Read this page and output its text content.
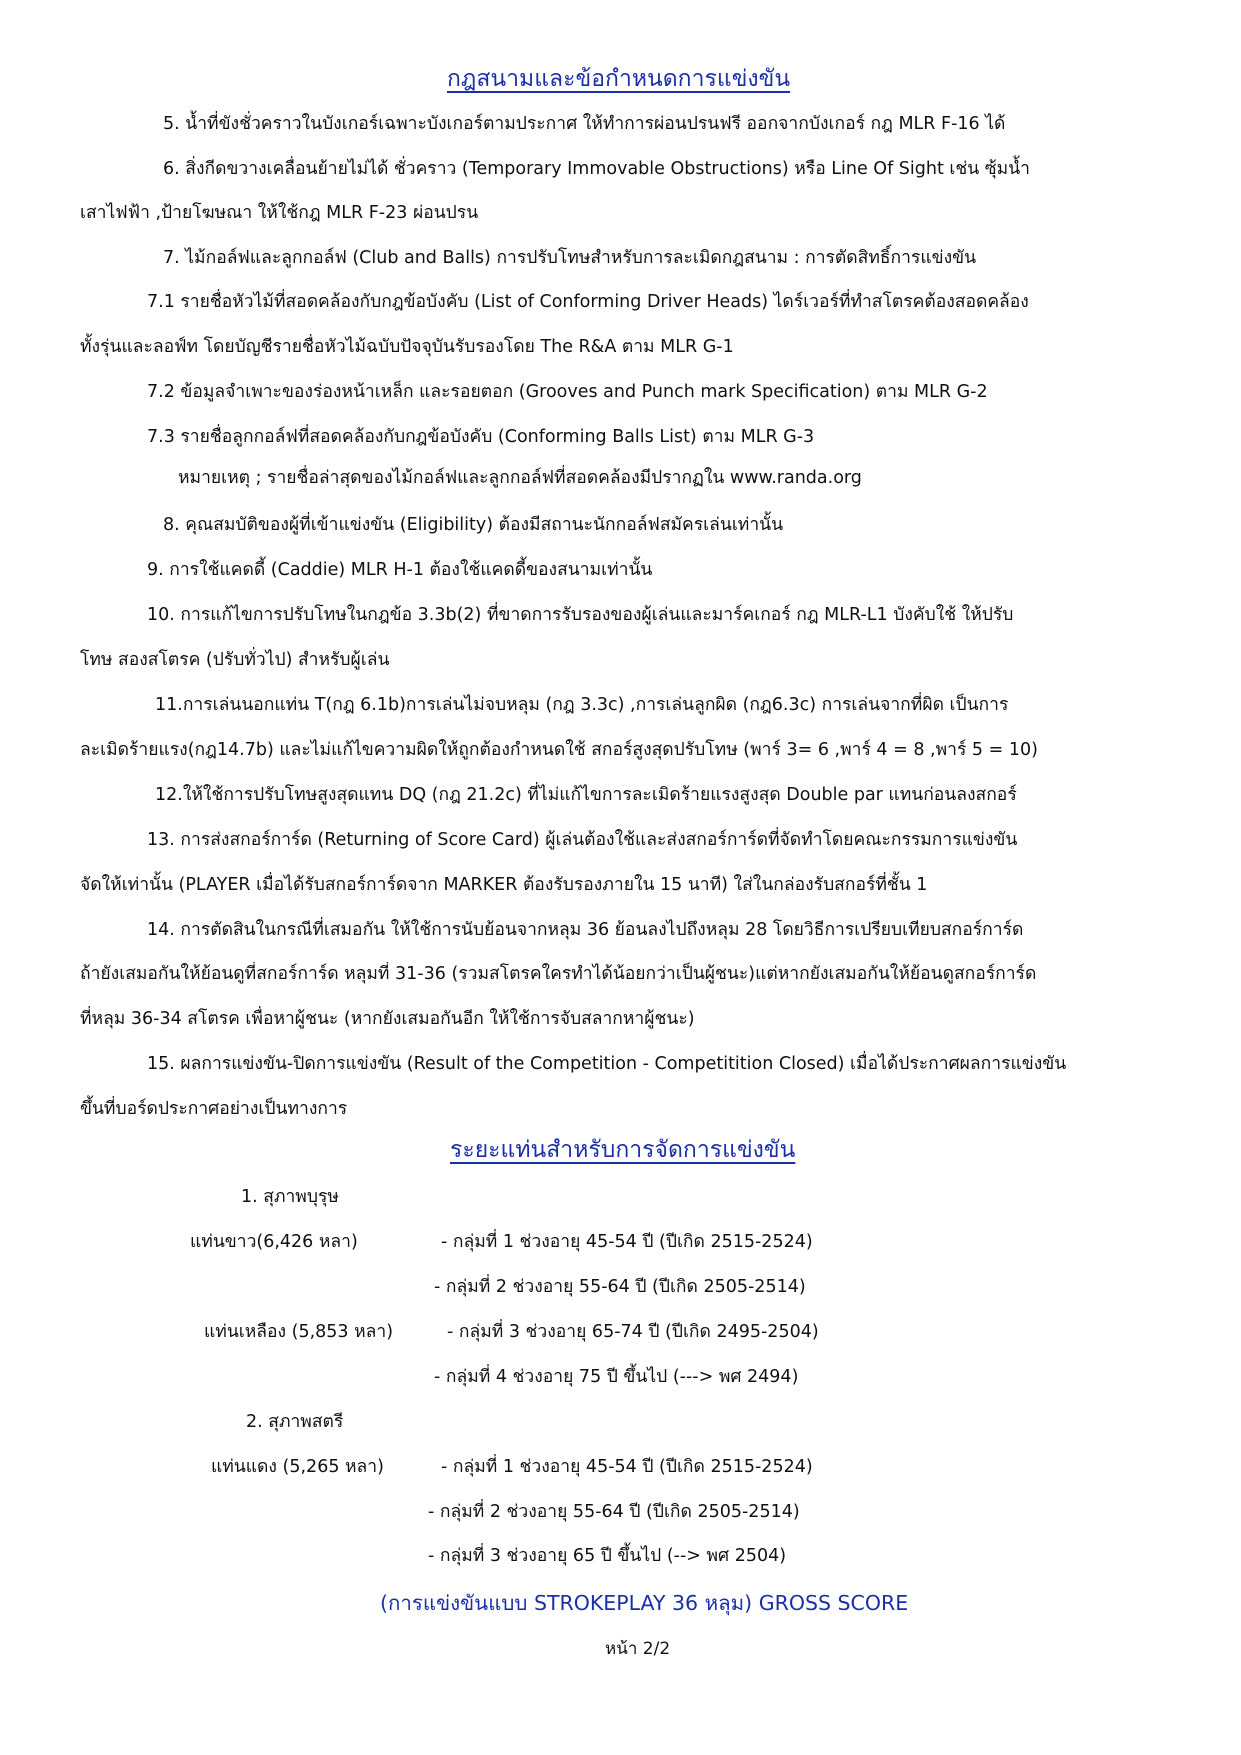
กฎสนามและข้อกำหนดการแข่งขัน
5. น้ำที่ขังชั่วคราวในบังเกอร์เฉพาะบังเกอร์ตามประกาศ ให้ทำการผ่อนปรนฟรี ออกจากบังเกอร์ กฎ MLR F-16 ได้
6. สิ่งกีดขวางเคลื่อนย้ายไม่ได้ ชั่วคราว (Temporary Immovable Obstructions) หรือ Line Of Sight เช่น ซุ้มน้ำ
เสาไฟฟ้า ,ป้ายโฆษณา ให้ใช้กฎ MLR F-23 ผ่อนปรน
7. ไม้กอล์ฟและลูกกอล์ฟ (Club and Balls) การปรับโทษสำหรับการละเมิดกฎสนาม : การตัดสิทธิ์การแข่งขัน
7.1 รายชื่อหัวไม้ที่สอดคล้องกับกฎข้อบังคับ (List of Conforming Driver Heads) ไดร์เวอร์ที่ทำสโตรคต้องสอดคล้อง
ทั้งรุ่นและลอฟ์ท โดยบัญชีรายชื่อหัวไม้ฉบับปัจจุบันรับรองโดย The R&A ตาม MLR G-1
7.2 ข้อมูลจำเพาะของร่องหน้าเหล็ก และรอยตอก (Grooves and Punch mark Specification) ตาม MLR G-2
7.3 รายชื่อลูกกอล์ฟที่สอดคล้องกับกฎข้อบังคับ (Conforming Balls List) ตาม MLR G-3
หมายเหตุ ; รายชื่อล่าสุดของไม้กอล์ฟและลูกกอล์ฟที่สอดคล้องมีปรากฏใน www.randa.org
8. คุณสมบัติของผู้ที่เข้าแข่งขัน (Eligibility) ต้องมีสถานะนักกอล์ฟสมัครเล่นเท่านั้น
9. การใช้แคดดี้ (Caddie) MLR H-1 ต้องใช้แคดดี้ของสนามเท่านั้น
10. การแก้ไขการปรับโทษในกฎข้อ 3.3b(2) ที่ขาดการรับรองของผู้เล่นและมาร์คเกอร์ กฎ MLR-L1 บังคับใช้ ให้ปรับ
โทษ สองสโตรค (ปรับทั่วไป) สำหรับผู้เล่น
11.การเล่นนอกแท่น T(กฎ 6.1b)การเล่นไม่จบหลุม (กฎ 3.3c) ,การเล่นลูกผิด (กฎ6.3c) การเล่นจากที่ผิด เป็นการ
ละเมิดร้ายแรง(กฎ14.7b) และไม่แก้ไขความผิดให้ถูกต้องกำหนดใช้ สกอร์สูงสุดปรับโทษ (พาร์ 3= 6 ,พาร์ 4 = 8 ,พาร์ 5 = 10)
12.ให้ใช้การปรับโทษสูงสุดแทน DQ (กฎ 21.2c) ที่ไม่แก้ไขการละเมิดร้ายแรงสูงสุด Double par แทนก่อนลงสกอร์
13. การส่งสกอร์การ์ด (Returning of Score Card) ผู้เล่นต้องใช้และส่งสกอร์การ์ดที่จัดทำโดยคณะกรรมการแข่งขัน
จัดให้เท่านั้น (PLAYER เมื่อได้รับสกอร์การ์ดจาก MARKER ต้องรับรองภายใน 15 นาที) ใส่ในกล่องรับสกอร์ที่ชั้น 1
14. การตัดสินในกรณีที่เสมอกัน ให้ใช้การนับย้อนจากหลุม 36 ย้อนลงไปถึงหลุม 28 โดยวิธีการเปรียบเทียบสกอร์การ์ด
ถ้ายังเสมอกันให้ย้อนดูที่สกอร์การ์ด หลุมที่ 31-36 (รวมสโตรคใครทำได้น้อยกว่าเป็นผู้ชนะ)แต่หากยังเสมอกันให้ย้อนดูสกอร์การ์ด
ที่หลุม 36-34 สโตรค เพื่อหาผู้ชนะ (หากยังเสมอกันอีก ให้ใช้การจับสลากหาผู้ชนะ)
15. ผลการแข่งขัน-ปิดการแข่งขัน (Result of the Competition - Competitition Closed) เมื่อได้ประกาศผลการแข่งขัน
ขึ้นที่บอร์ดประกาศอย่างเป็นทางการ
ระยะแท่นสำหรับการจัดการแข่งขัน
1. สุภาพบุรุษ
แท่นขาว(6,426 หลา)	- กลุ่มที่ 1 ช่วงอายุ 45-54 ปี (ปีเกิด 2515-2524)
- กลุ่มที่ 2 ช่วงอายุ 55-64 ปี (ปีเกิด 2505-2514)
แท่นเหลือง (5,853 หลา)	- กลุ่มที่ 3 ช่วงอายุ 65-74 ปี (ปีเกิด 2495-2504)
- กลุ่มที่ 4 ช่วงอายุ 75 ปี ขึ้นไป (---> พศ 2494)
2. สุภาพสตรี
แท่นแดง (5,265 หลา)	- กลุ่มที่ 1 ช่วงอายุ 45-54 ปี (ปีเกิด 2515-2524)
- กลุ่มที่ 2 ช่วงอายุ 55-64 ปี (ปีเกิด 2505-2514)
- กลุ่มที่ 3 ช่วงอายุ 65 ปี ขึ้นไป (--> พศ 2504)
(การแข่งขันแบบ STROKEPLAY 36 หลุม) GROSS SCORE
หน้า 2/2
